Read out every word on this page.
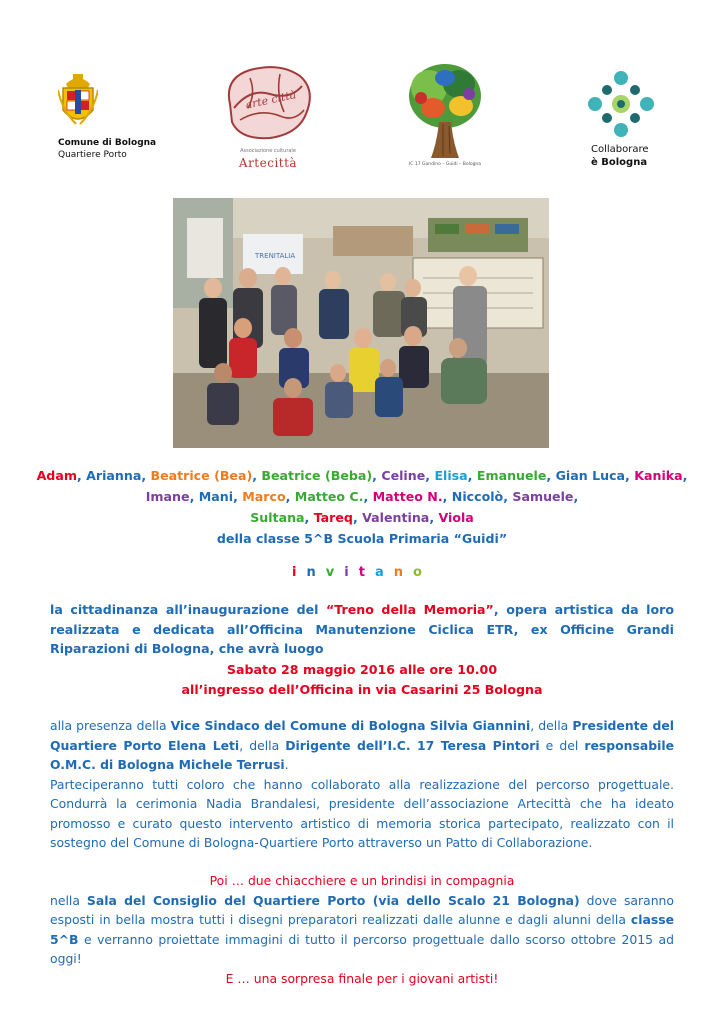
Comune di Bologna
Quartiere Porto
arte città
Associazione culturale
Artecittà	IC 17 Gandino – Guidi – Bologna
Collaborare
è Bologna
TRENITALIA
Adam, Arianna, Beatrice (Bea), Beatrice (Beba), Celine, Elisa, Emanuele, Gian Luca, Kanika,
Imane, Mani, Marco, Matteo C., Matteo N., Niccolò, Samuele,
Sultana, Tareq, Valentina, Viola
della classe 5^B Scuola Primaria “Guidi”
invitano
la cittadinanza all’inaugurazione del “Treno della Memoria”, opera artistica da loro realizzata e dedicata all’Officina Manutenzione Ciclica ETR, ex Officine Grandi Riparazioni di Bologna, che avrà luogo
Sabato 28 maggio 2016 alle ore 10.00
all’ingresso dell’Officina in via Casarini 25 Bologna
alla presenza della Vice Sindaco del Comune di Bologna Silvia Giannini, della Presidente del Quartiere Porto Elena Leti, della Dirigente dell’I.C. 17 Teresa Pintori e del responsabile O.M.C. di Bologna Michele Terrusi.
Parteciperanno tutti coloro che hanno collaborato alla realizzazione del percorso progettuale. Condurrà la cerimonia Nadia Brandalesi, presidente dell’associazione Artecittà che ha ideato promosso e curato questo intervento artistico di memoria storica partecipato, realizzato con il sostegno del Comune di Bologna-Quartiere Porto attraverso un Patto di Collaborazione.
Poi … due chiacchiere e un brindisi in compagnia
nella Sala del Consiglio del Quartiere Porto (via dello Scalo 21 Bologna) dove saranno esposti in bella mostra tutti i disegni preparatori realizzati dalle alunne e dagli alunni della classe 5^B e verranno proiettate immagini di tutto il percorso progettuale dallo scorso ottobre 2015 ad oggi!
E … una sorpresa finale per i giovani artisti!
